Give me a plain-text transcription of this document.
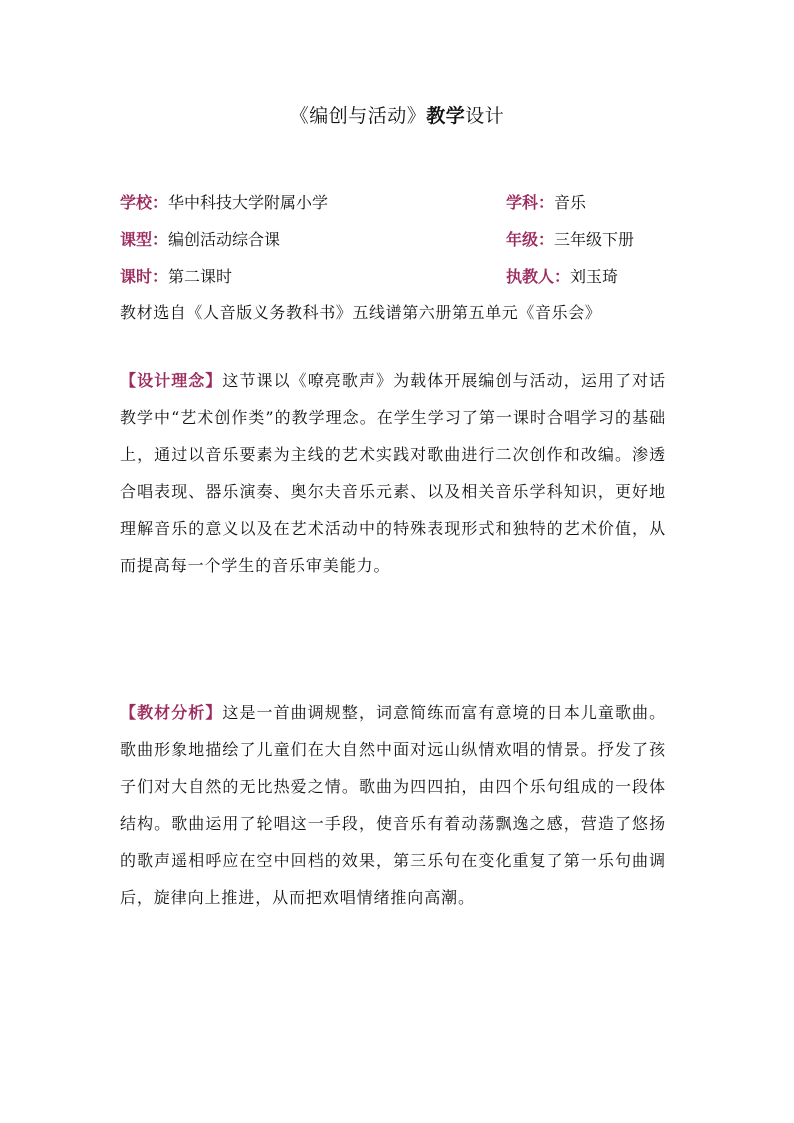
《编创与活动》教学设计
学校：华中科技大学附属小学
课型：编创活动综合课
课时：第二课时
学科：音乐
年级：三年级下册
执教人：刘玉琦
教材选自《人音版义务教科书》五线谱第六册第五单元《音乐会》
【设计理念】这节课以《嘹亮歌声》为载体开展编创与活动，运用了对话教学中“艺术创作类”的教学理念。在学生学习了第一课时合唱学习的基础上，通过以音乐要素为主线的艺术实践对歌曲进行二次创作和改编。渗透合唱表现、器乐演奏、奥尔夫音乐元素、以及相关音乐学科知识，更好地理解音乐的意义以及在艺术活动中的特殊表现形式和独特的艺术价值，从而提高每一个学生的音乐审美能力。
【教材分析】这是一首曲调规整，词意简练而富有意境的日本儿童歌曲。歌曲形象地描绘了儿童们在大自然中面对远山纵情欢唱的情景。抒发了孩子们对大自然的无比热爱之情。歌曲为四四拍，由四个乐句组成的一段体结构。歌曲运用了轮唱这一手段，使音乐有着动荡飘逸之感，营造了悠扬的歌声遥相呼应在空中回档的效果，第三乐句在变化重复了第一乐句曲调后，旋律向上推进，从而把欢唱情绪推向高潮。
